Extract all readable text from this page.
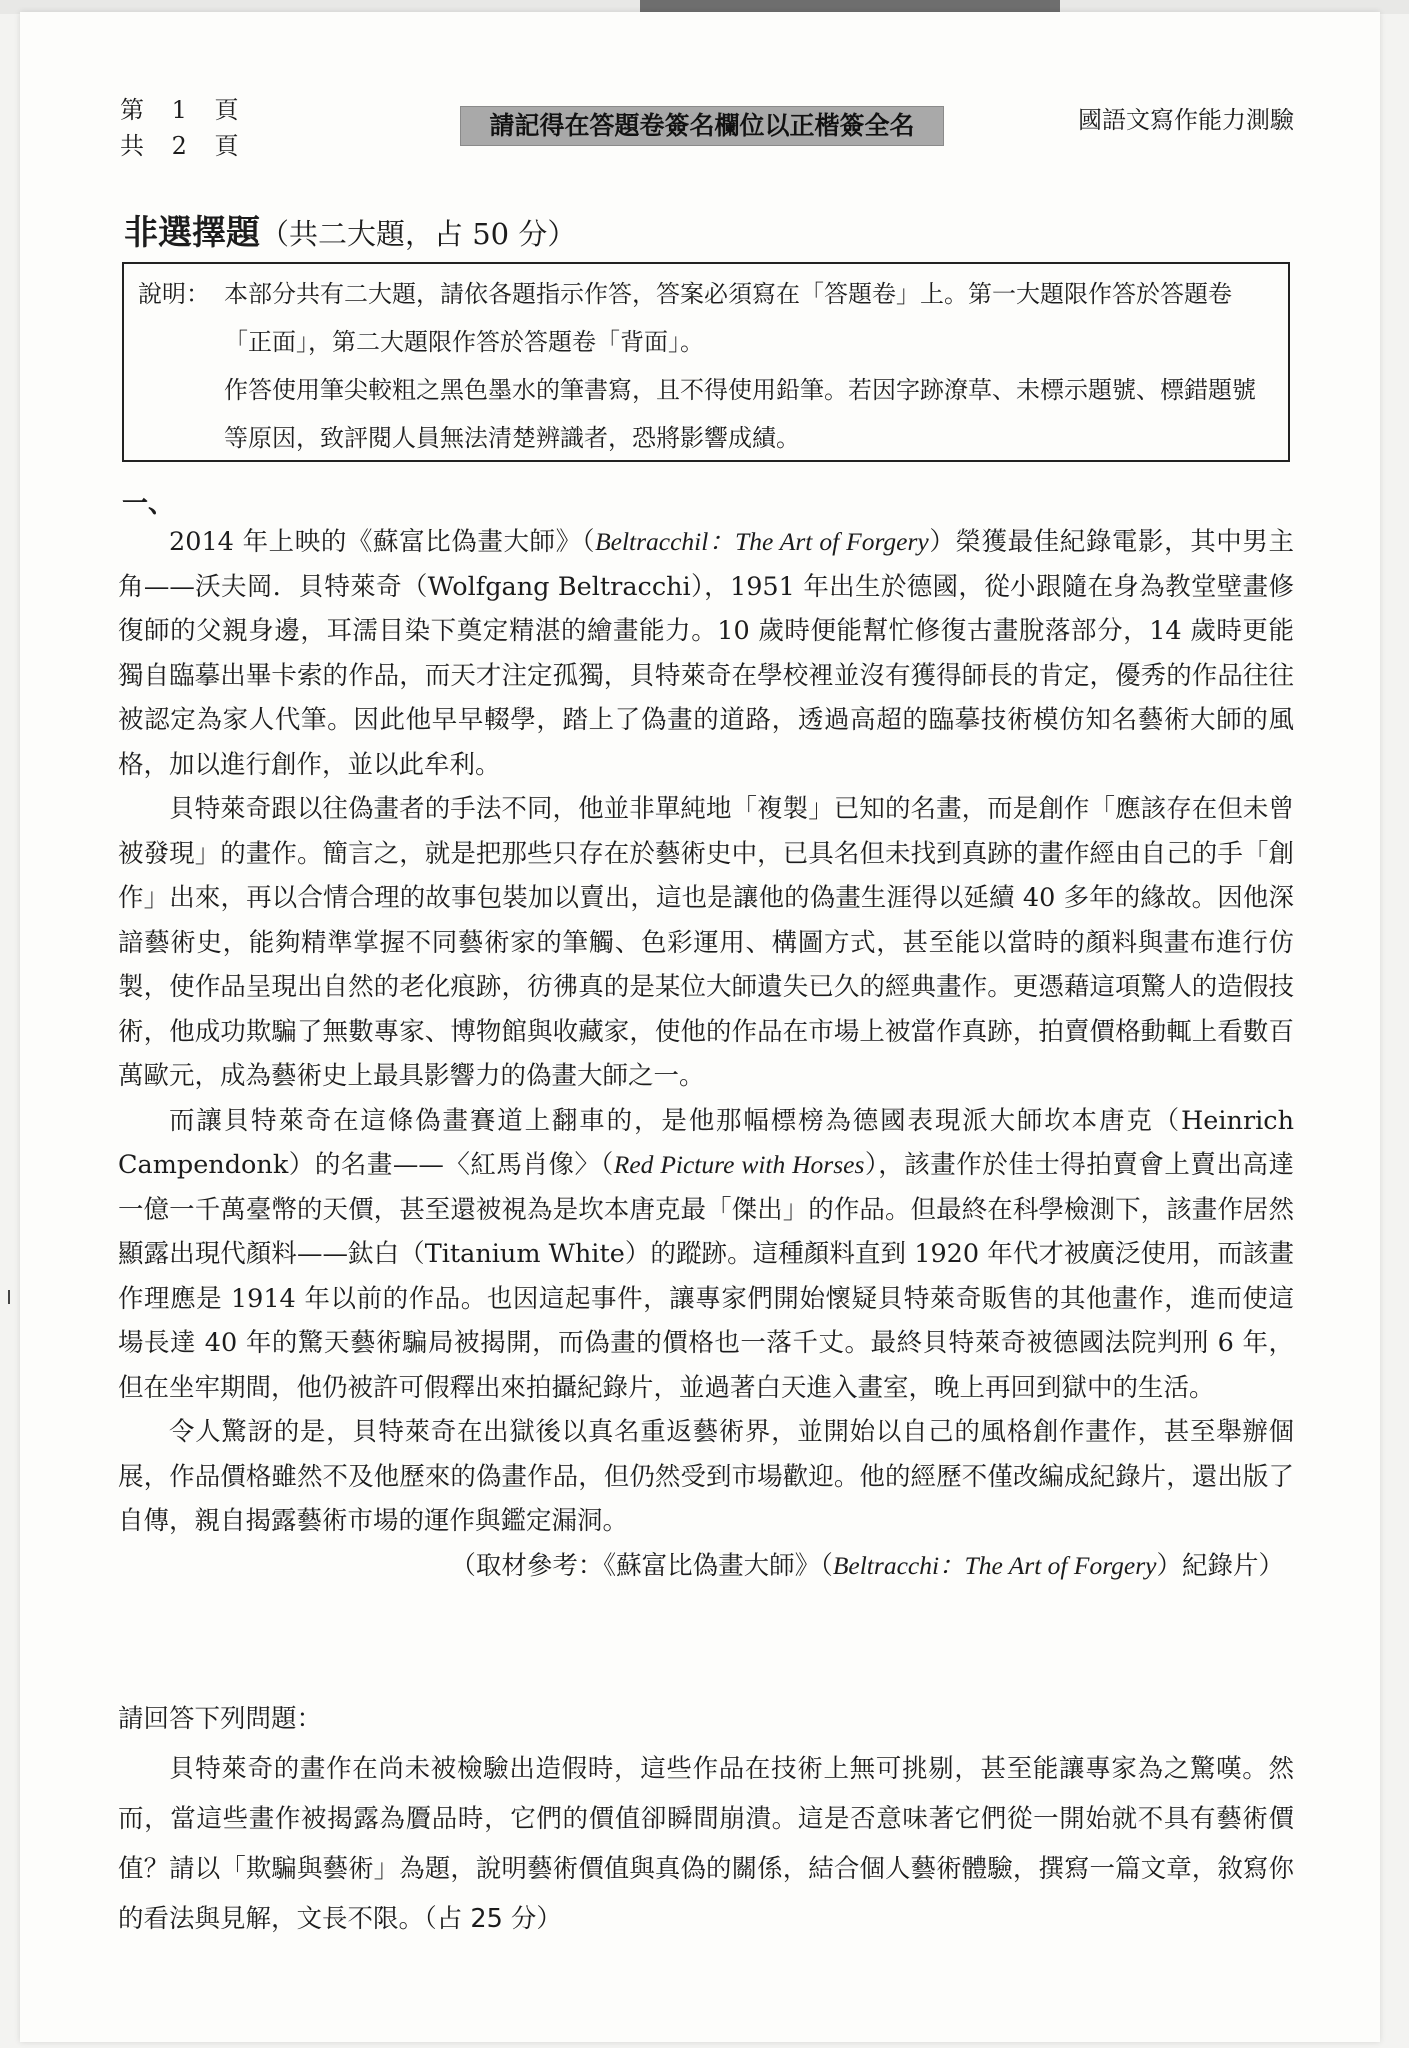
第 1 頁
共 2 頁
請記得在答題卷簽名欄位以正楷簽全名	國語文寫作能力測驗
非選擇題（共二大題，占 50 分）
說明： 本部分共有二大題，請依各題指示作答，答案必須寫在「答題卷」上。第一大題限作答於答題卷「正面」，第二大題限作答於答題卷「背面」。
作答使用筆尖較粗之黑色墨水的筆書寫，且不得使用鉛筆。若因字跡潦草、未標示題號、標錯題號等原因，致評閱人員無法清楚辨識者，恐將影響成績。
一、

2014 年上映的《蘇富比偽畫大師》（Beltracchil：The Art of Forgery）榮獲最佳紀錄電影，其中男主角——沃夫岡．貝特萊奇（Wolfgang Beltracchi），1951 年出生於德國，從小跟隨在身為教堂壁畫修復師的父親身邊，耳濡目染下奠定精湛的繪畫能力。10 歲時便能幫忙修復古畫脫落部分，14 歲時更能獨自臨摹出畢卡索的作品，而天才注定孤獨，貝特萊奇在學校裡並沒有獲得師長的肯定，優秀的作品往往被認定為家人代筆。因此他早早輟學，踏上了偽畫的道路，透過高超的臨摹技術模仿知名藝術大師的風格，加以進行創作，並以此牟利。

貝特萊奇跟以往偽畫者的手法不同，他並非單純地「複製」已知的名畫，而是創作「應該存在但未曾被發現」的畫作。簡言之，就是把那些只存在於藝術史中，已具名但未找到真跡的畫作經由自己的手「創作」出來，再以合情合理的故事包裝加以賣出，這也是讓他的偽畫生涯得以延續 40 多年的緣故。因他深諳藝術史，能夠精準掌握不同藝術家的筆觸、色彩運用、構圖方式，甚至能以當時的顏料與畫布進行仿製，使作品呈現出自然的老化痕跡，彷彿真的是某位大師遺失已久的經典畫作。更憑藉這項驚人的造假技術，他成功欺騙了無數專家、博物館與收藏家，使他的作品在市場上被當作真跡，拍賣價格動輒上看數百萬歐元，成為藝術史上最具影響力的偽畫大師之一。

而讓貝特萊奇在這條偽畫賽道上翻車的，是他那幅標榜為德國表現派大師坎本唐克（Heinrich Campendonk）的名畫——〈紅馬肖像〉（Red Picture with Horses），該畫作於佳士得拍賣會上賣出高達一億一千萬臺幣的天價，甚至還被視為是坎本唐克最「傑出」的作品。但最終在科學檢測下，該畫作居然顯露出現代顏料——鈦白（Titanium White）的蹤跡。這種顏料直到 1920 年代才被廣泛使用，而該畫作理應是 1914 年以前的作品。也因這起事件，讓專家們開始懷疑貝特萊奇販售的其他畫作，進而使這場長達 40 年的驚天藝術騙局被揭開，而偽畫的價格也一落千丈。最終貝特萊奇被德國法院判刑 6 年，但在坐牢期間，他仍被許可假釋出來拍攝紀錄片，並過著白天進入畫室，晚上再回到獄中的生活。

令人驚訝的是，貝特萊奇在出獄後以真名重返藝術界，並開始以自己的風格創作畫作，甚至舉辦個展，作品價格雖然不及他歷來的偽畫作品，但仍然受到市場歡迎。他的經歷不僅改編成紀錄片，還出版了自傳，親自揭露藝術市場的運作與鑑定漏洞。

（取材參考：《蘇富比偽畫大師》（Beltracchi：The Art of Forgery）紀錄片）

請回答下列問題：

貝特萊奇的畫作在尚未被檢驗出造假時，這些作品在技術上無可挑剔，甚至能讓專家為之驚嘆。然而，當這些畫作被揭露為贗品時，它們的價值卻瞬間崩潰。這是否意味著它們從一開始就不具有藝術價值？請以「欺騙與藝術」為題，說明藝術價值與真偽的關係，結合個人藝術體驗，撰寫一篇文章，敘寫你的看法與見解，文長不限。（占 25 分）
